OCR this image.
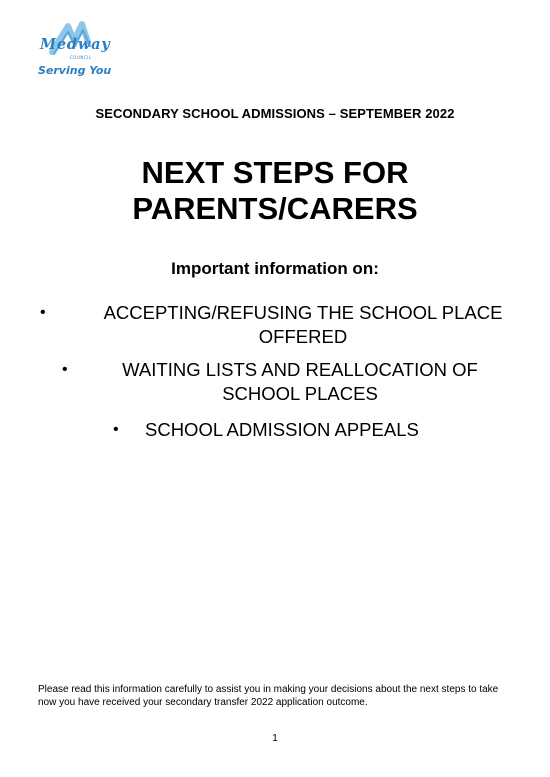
Medway
COUNCIL
Serving You
SECONDARY SCHOOL ADMISSIONS – SEPTEMBER 2022
NEXT STEPS FOR
PARENTS/CARERS
Important information on:
•	ACCEPTING/REFUSING THE SCHOOL PLACE OFFERED
•	WAITING LISTS AND REALLOCATION OF SCHOOL PLACES
• SCHOOL ADMISSION APPEALS
Please read this information carefully to assist you in making your decisions about the next steps to take now you have received your secondary transfer 2022 application outcome.
1
